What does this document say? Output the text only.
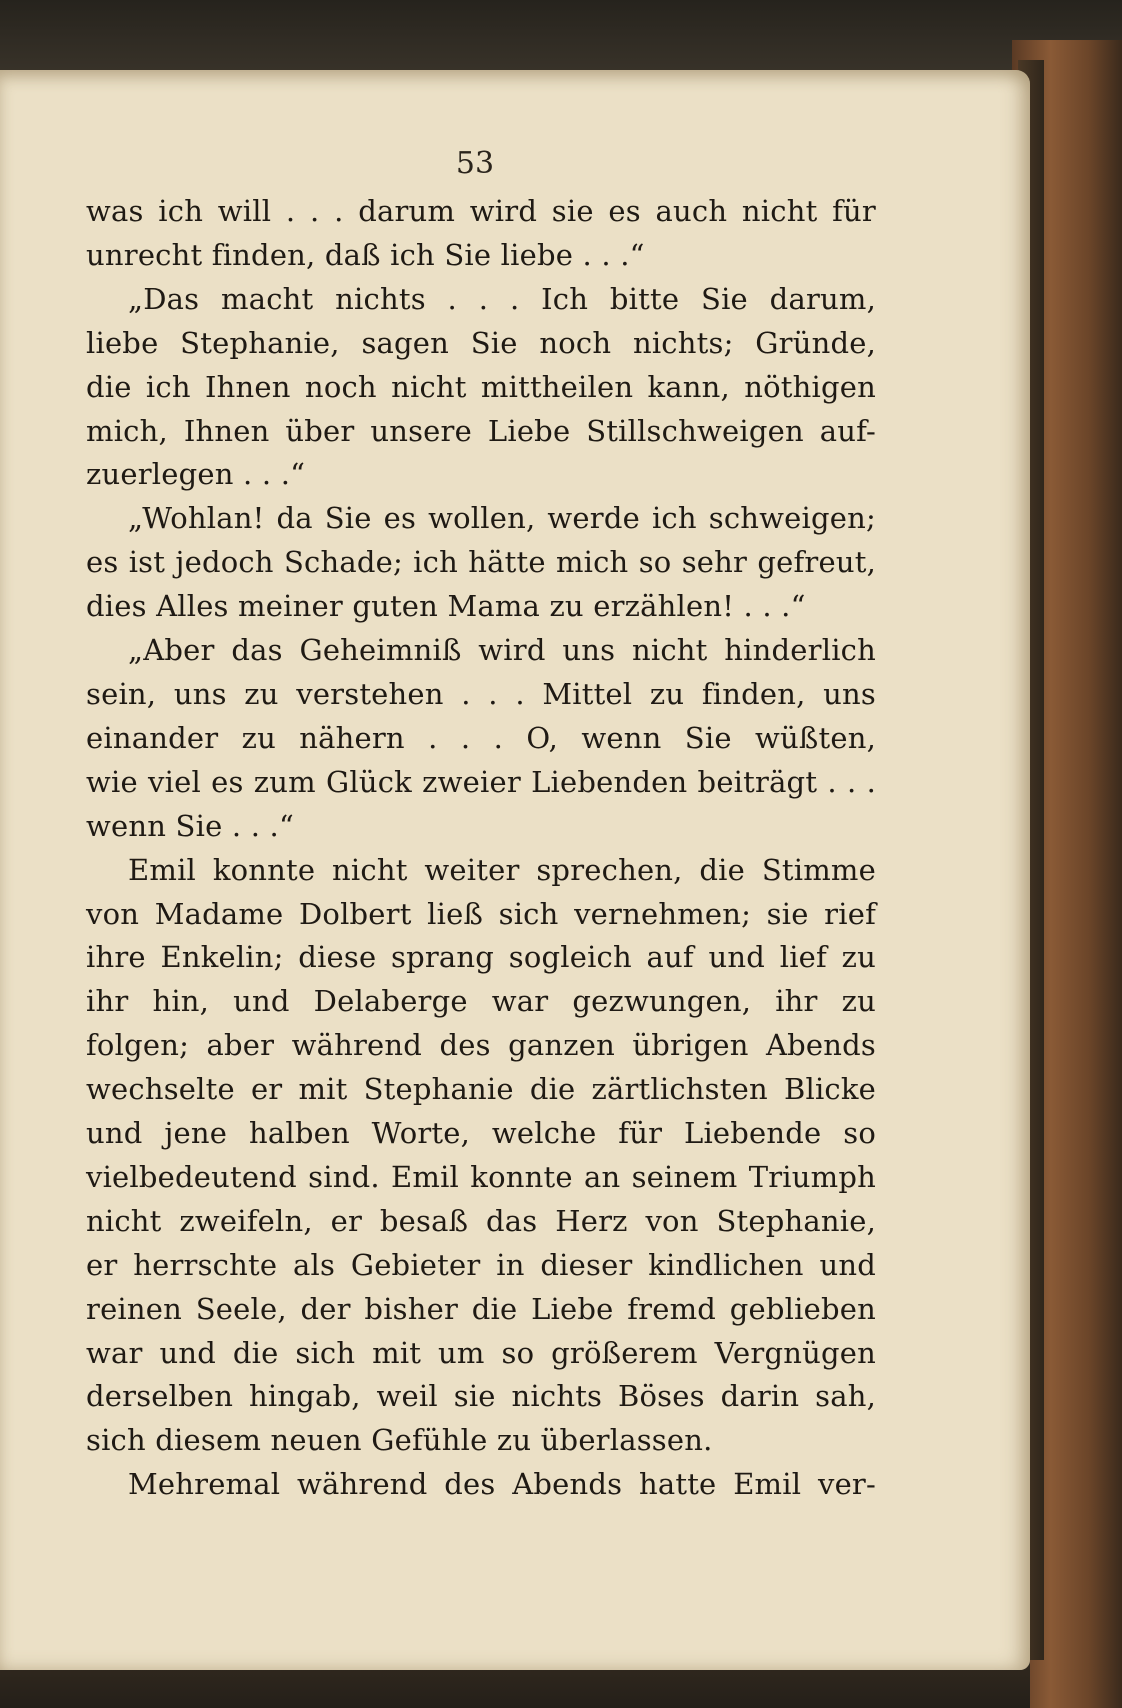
53
was ich will . . . darum wird sie es auch nicht für
unrecht finden, daß ich Sie liebe . . .“
„Das macht nichts . . . Ich bitte Sie darum,
liebe Stephanie, sagen Sie noch nichts; Gründe,
die ich Ihnen noch nicht mittheilen kann, nöthigen
mich, Ihnen über unsere Liebe Stillschweigen auf-
zuerlegen . . .“
„Wohlan! da Sie es wollen, werde ich schweigen;
es ist jedoch Schade; ich hätte mich so sehr gefreut,
dies Alles meiner guten Mama zu erzählen! . . .“
„Aber das Geheimniß wird uns nicht hinderlich
sein, uns zu verstehen . . . Mittel zu finden, uns
einander zu nähern . . . O, wenn Sie wüßten,
wie viel es zum Glück zweier Liebenden beiträgt . . .
wenn Sie . . .“
Emil konnte nicht weiter sprechen, die Stimme
von Madame Dolbert ließ sich vernehmen; sie rief
ihre Enkelin; diese sprang sogleich auf und lief zu
ihr hin, und Delaberge war gezwungen, ihr zu
folgen; aber während des ganzen übrigen Abends
wechselte er mit Stephanie die zärtlichsten Blicke
und jene halben Worte, welche für Liebende so
vielbedeutend sind. Emil konnte an seinem Triumph
nicht zweifeln, er besaß das Herz von Stephanie,
er herrschte als Gebieter in dieser kindlichen und
reinen Seele, der bisher die Liebe fremd geblieben
war und die sich mit um so größerem Vergnügen
derselben hingab, weil sie nichts Böses darin sah,
sich diesem neuen Gefühle zu überlassen.
Mehremal während des Abends hatte Emil ver-
